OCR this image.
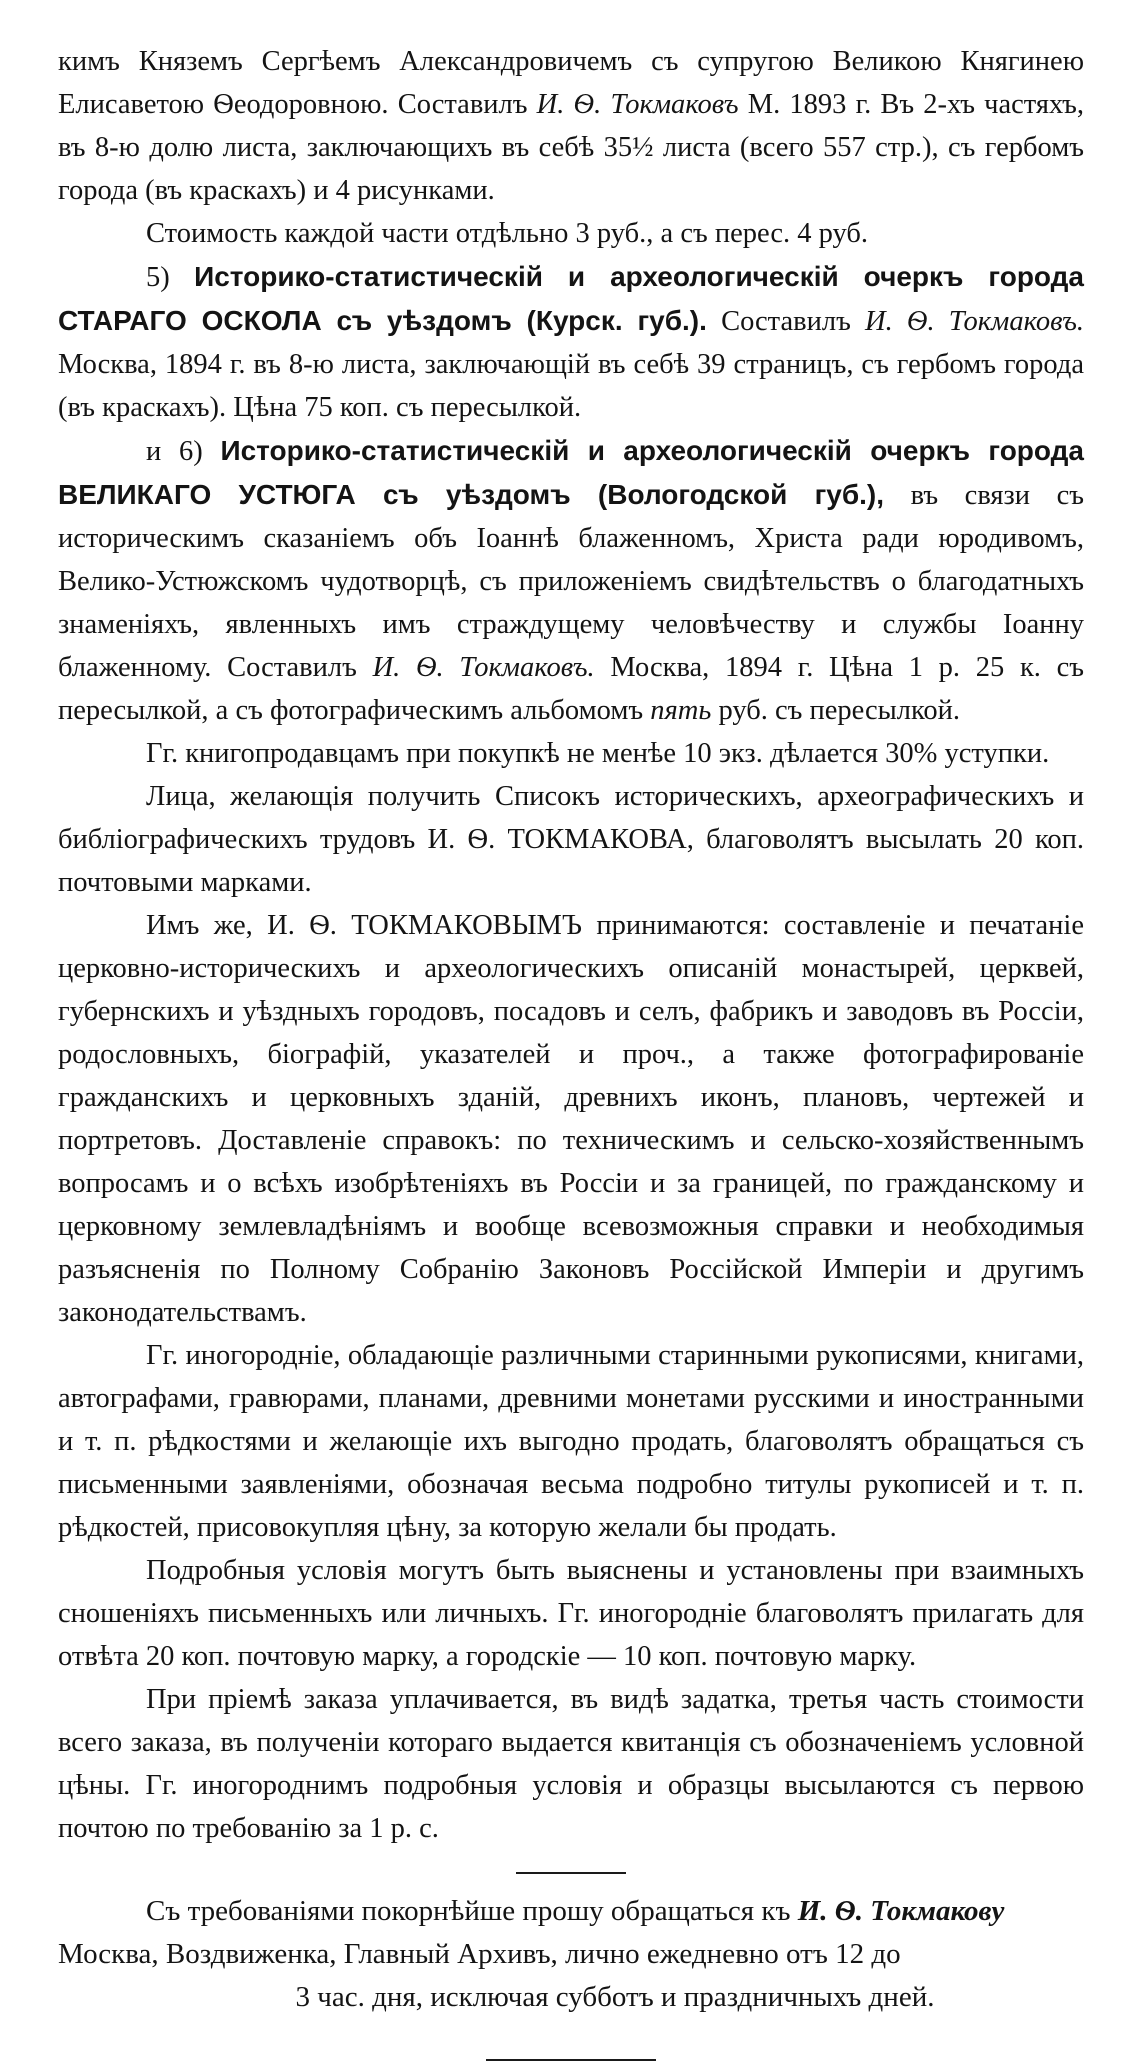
кимъ Княземъ Сергѣемъ Александровичемъ съ супругою Великою Княгинею Елисаветою Ѳеодоровною. Составилъ И. Ѳ. Токмаковъ М. 1893 г. Въ 2-хъ частяхъ, въ 8-ю долю листа, заключающихъ въ себѣ 35½ листа (всего 557 стр.), съ гербомъ города (въ краскахъ) и 4 рисунками.

Стоимость каждой части отдѣльно 3 руб., а съ перес. 4 руб.

5) Историко-статистическій и археологическій очеркъ города СТАРАГО ОСКОЛА съ уѣздомъ (Курск. губ.). Составилъ И. Ѳ. Токмаковъ. Москва, 1894 г. въ 8-ю листа, заключающій въ себѣ 39 страницъ, съ гербомъ города (въ краскахъ). Цѣна 75 коп. съ пересылкой.

и 6) Историко-статистическій и археологическій очеркъ города ВЕЛИКАГО УСТЮГА съ уѣздомъ (Вологодской губ.), въ связи съ историческимъ сказаніемъ объ Іоаннѣ блаженномъ, Христа ради юродивомъ, Велико-Устюжскомъ чудотворцѣ, съ приложеніемъ свидѣтельствъ о благодатныхъ знаменіяхъ, явленныхъ имъ страждущему человѣчеству и службы Іоанну блаженному. Составилъ И. Ѳ. Токмаковъ. Москва, 1894 г. Цѣна 1 р. 25 к. съ пересылкой, а съ фотографическимъ альбомомъ пять руб. съ пересылкой.

Гг. книгопродавцамъ при покупкѣ не менѣе 10 экз. дѣлается 30% уступки.

Лица, желающія получить Списокъ историческихъ, археографическихъ и библіографическихъ трудовъ И. Ѳ. ТОКМАКОВА, благоволятъ высылать 20 коп. почтовыми марками.

Имъ же, И. Ѳ. ТОКМАКОВЫМЪ принимаются: составленіе и печатаніе церковно-историческихъ и археологическихъ описаній монастырей, церквей, губернскихъ и уѣздныхъ городовъ, посадовъ и селъ, фабрикъ и заводовъ въ Россіи, родословныхъ, біографій, указателей и проч., а также фотографированіе гражданскихъ и церковныхъ зданій, древнихъ иконъ, плановъ, чертежей и портретовъ. Доставленіе справокъ: по техническимъ и сельско-хозяйственнымъ вопросамъ и о всѣхъ изобрѣтеніяхъ въ Россіи и за границей, по гражданскому и церковному землевладѣніямъ и вообще всевозможныя справки и необходимыя разъясненія по Полному Собранію Законовъ Россійской Имперіи и другимъ законодательствамъ.

Гг. иногородніе, обладающіе различными старинными рукописями, книгами, автографами, гравюрами, планами, древними монетами русскими и иностранными и т. п. рѣдкостями и желающіе ихъ выгодно продать, благоволятъ обращаться съ письменными заявленіями, обозначая весьма подробно титулы рукописей и т. п. рѣдкостей, присовокупляя цѣну, за которую желали бы продать.

Подробныя условія могутъ быть выяснены и установлены при взаимныхъ сношеніяхъ письменныхъ или личныхъ. Гг. иногородніе благоволятъ прилагать для отвѣта 20 коп. почтовую марку, а городскіе — 10 коп. почтовую марку.

При пріемѣ заказа уплачивается, въ видѣ задатка, третья часть стоимости всего заказа, въ полученіи котораго выдается квитанція съ обозначеніемъ условной цѣны. Гг. иногороднимъ подробныя условія и образцы высылаются съ первою почтою по требованію за 1 р. с.

Съ требованіями покорнѣйше прошу обращаться къ И. Ѳ. Токмакову
Москва, Воздвиженка, Главный Архивъ, лично ежедневно отъ 12 до
3 час. дня, исключая субботъ и праздничныхъ дней.
